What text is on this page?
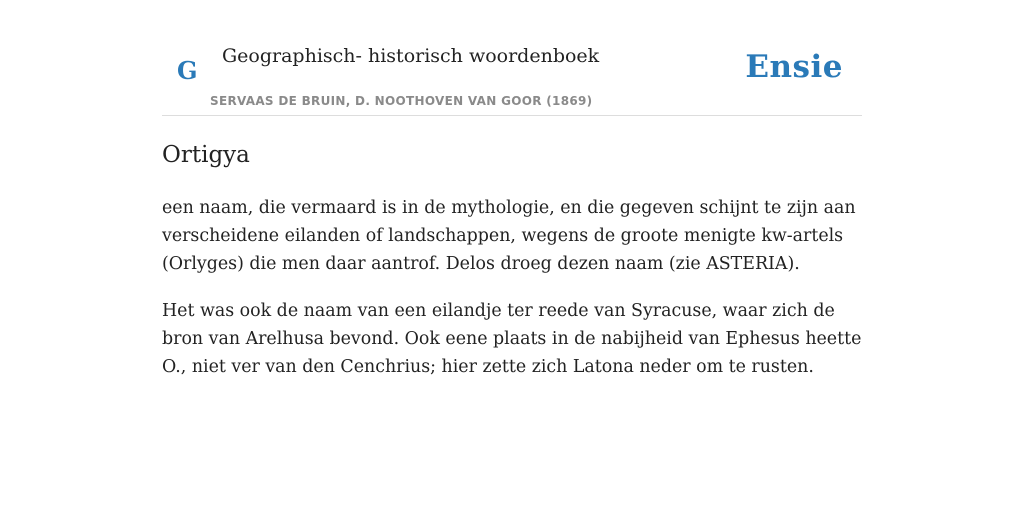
G Geographisch- historisch woordenboek
SERVAAS DE BRUIN, D. NOOTHOVEN VAN GOOR (1869)
Ensie
Ortigya

een naam, die vermaard is in de mythologie, en die gegeven schijnt te zijn aan verscheidene eilanden of landschappen, wegens de groote menigte kw-artels (Orlyges) die men daar aantrof. Delos droeg dezen naam (zie ASTERIA).

Het was ook de naam van een eilandje ter reede van Syracuse, waar zich de bron van Arelhusa bevond. Ook eene plaats in de nabijheid van Ephesus heette O., niet ver van den Cenchrius; hier zette zich Latona neder om te rusten.
